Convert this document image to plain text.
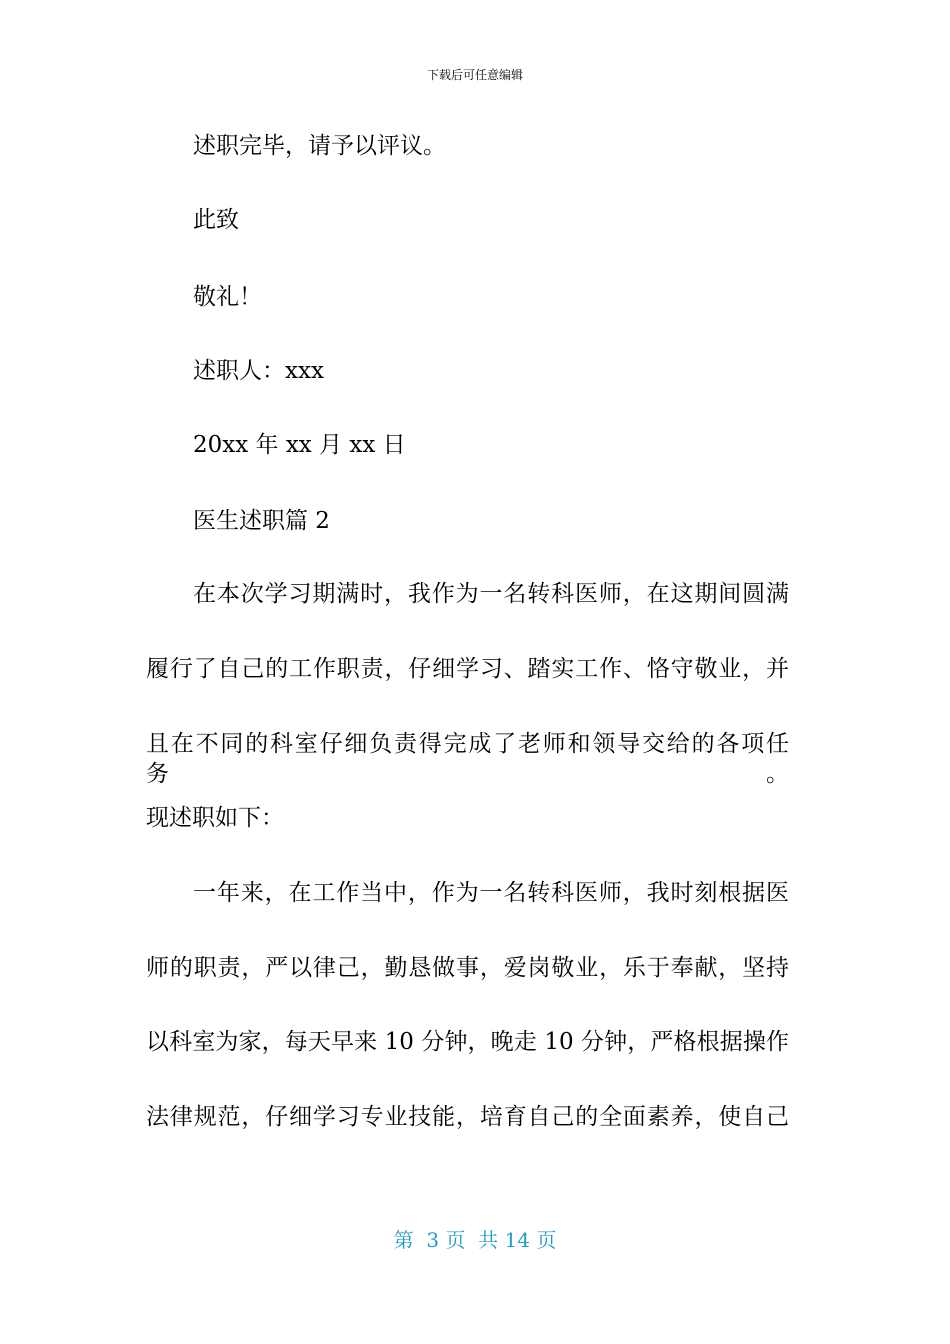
下载后可任意编辑
述职完毕，请予以评议。
此致
敬礼！
述职人：xxx
20xx 年 xx 月 xx 日
医生述职篇 2
在本次学习期满时，我作为一名转科医师，在这期间圆满
履行了自己的工作职责，仔细学习、踏实工作、恪守敬业，并
且在不同的科室仔细负责得完成了老师和领导交给的各项任务。
现述职如下：
一年来，在工作当中，作为一名转科医师，我时刻根据医
师的职责，严以律己，勤恳做事，爱岗敬业，乐于奉献，坚持
以科室为家，每天早来 10 分钟，晚走 10 分钟，严格根据操作
法律规范，仔细学习专业技能，培育自己的全面素养，使自己
第  3 页  共 14 页
